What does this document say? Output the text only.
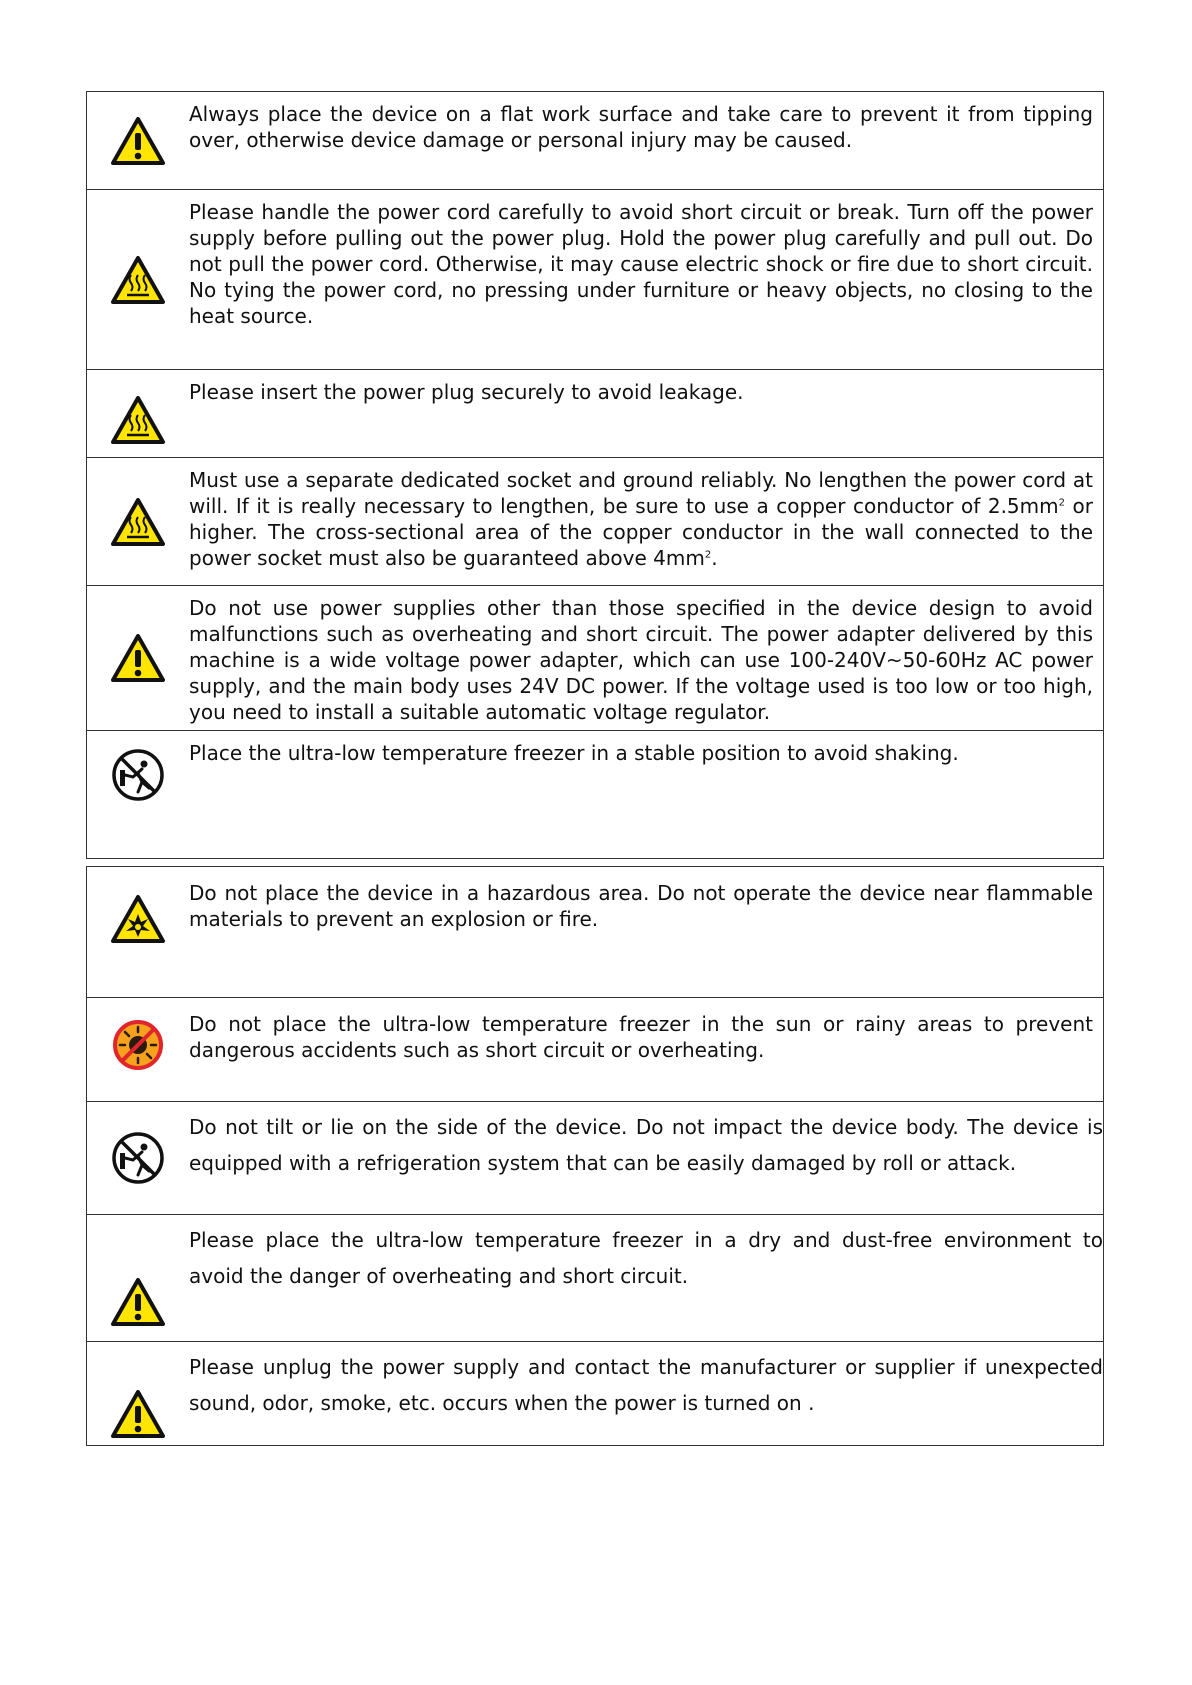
Always place the device on a flat work surface and take care to prevent it from tipping over, otherwise device damage or personal injury may be caused.
Please handle the power cord carefully to avoid short circuit or break. Turn off the power supply before pulling out the power plug. Hold the power plug carefully and pull out. Do not pull the power cord. Otherwise, it may cause electric shock or fire due to short circuit. No tying the power cord, no pressing under furniture or heavy objects, no closing to the heat source.
Please insert the power plug securely to avoid leakage.
Must use a separate dedicated socket and ground reliably. No lengthen the power cord at will. If it is really necessary to lengthen, be sure to use a copper conductor of $2.5mm^2$ or higher. The cross-sectional area of the copper conductor in the wall connected to the power socket must also be guaranteed above $4mm^2$.
Do not use power supplies other than those specified in the device design to avoid malfunctions such as overheating and short circuit. The power adapter delivered by this machine is a wide voltage power adapter, which can use 100-240V~50-60Hz AC power supply, and the main body uses 24V DC power. If the voltage used is too low or too high, you need to install a suitable automatic voltage regulator.
Place the ultra-low temperature freezer in a stable position to avoid shaking.
Do not place the device in a hazardous area. Do not operate the device near flammable materials to prevent an explosion or fire.
Do not place the ultra-low temperature freezer in the sun or rainy areas to prevent dangerous accidents such as short circuit or overheating.
Do not tilt or lie on the side of the device. Do not impact the device body. The device is
equipped with a refrigeration system that can be easily damaged by roll or attack.
Please place the ultra-low temperature freezer in a dry and dust-free environment to
avoid the danger of overheating and short circuit.
Please unplug the power supply and contact the manufacturer or supplier if unexpected
sound, odor, smoke, etc. occurs when the power is turned on .
